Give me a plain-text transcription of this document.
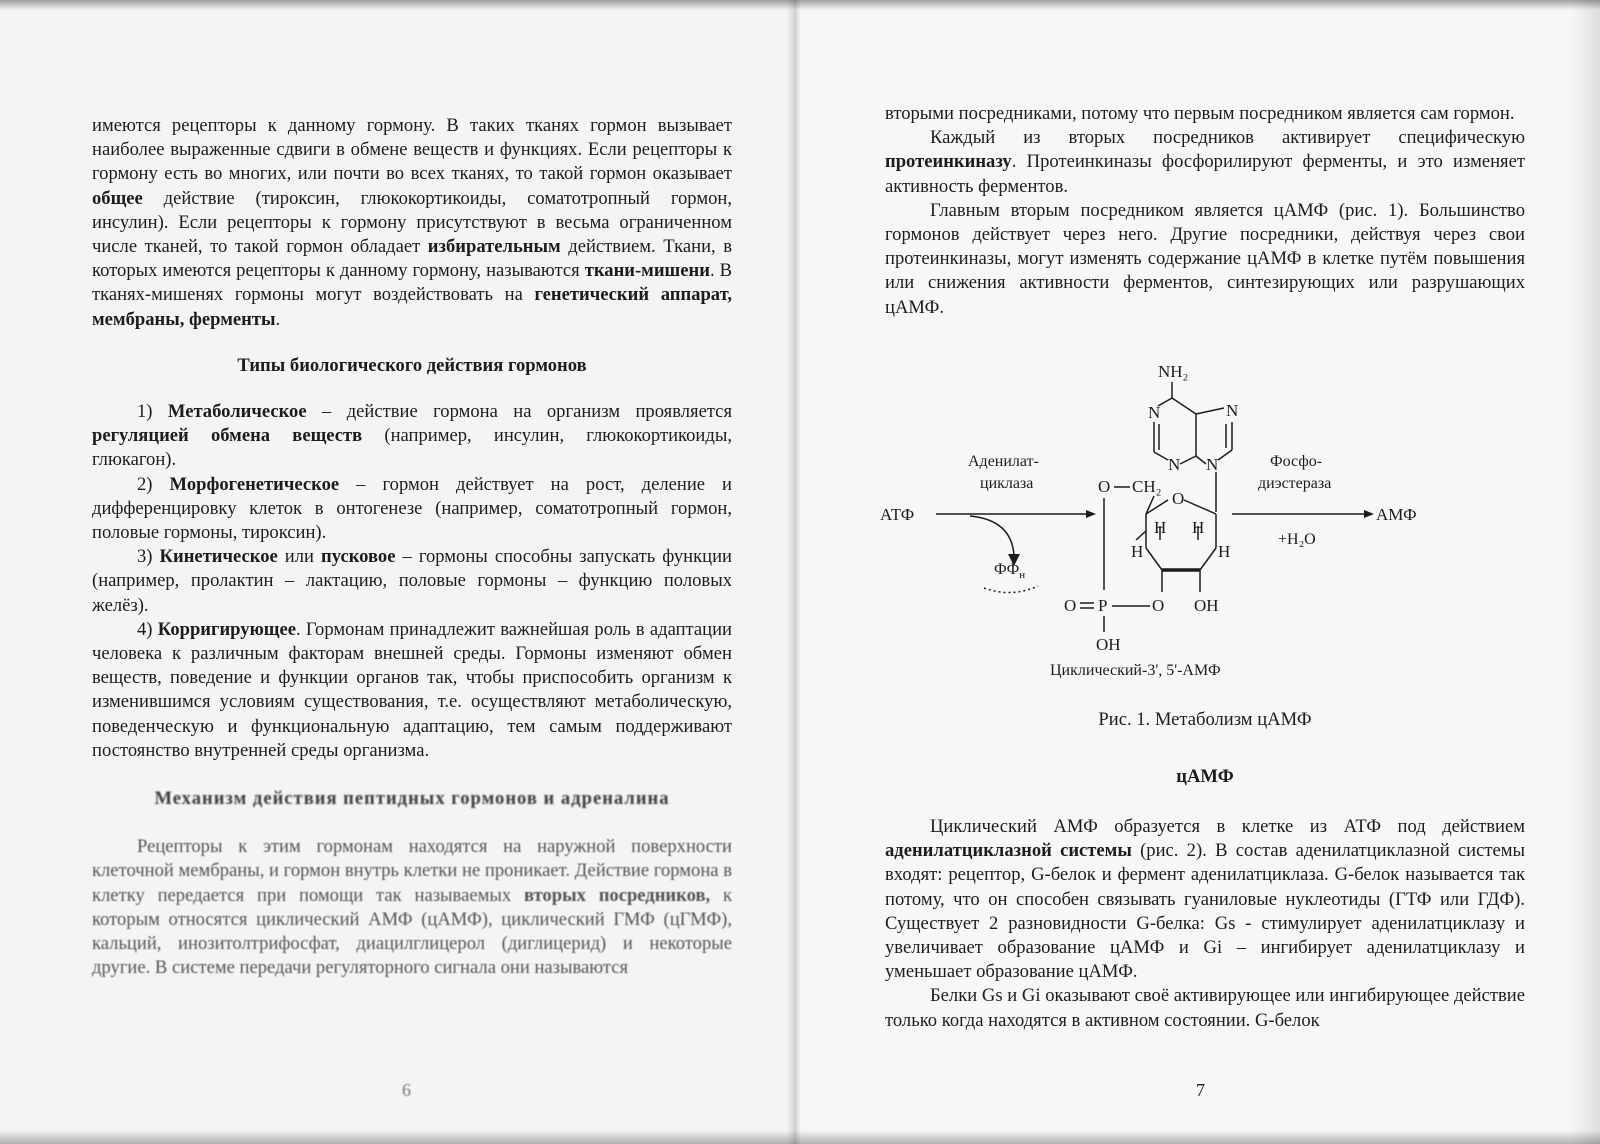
имеются рецепторы к данному гормону. В таких тканях гормон вызывает наиболее выраженные сдвиги в обмене веществ и функциях. Если рецепторы к гормону есть во многих, или почти во всех тканях, то такой гормон оказывает общее действие (тироксин, глюкокортикоиды, соматотропный гормон, инсулин). Если рецепторы к гормону присутствуют в весьма ограниченном числе тканей, то такой гормон обладает избирательным действием. Ткани, в которых имеются рецепторы к данному гормону, называются ткани-мишени. В тканях-мишенях гормоны могут воздействовать на генетический аппарат, мембраны, ферменты.

Типы биологического действия гормонов

1) Метаболическое – действие гормона на организм проявляется регуляцией обмена веществ (например, инсулин, глюкокортикоиды, глюкагон).

2) Морфогенетическое – гормон действует на рост, деление и дифференцировку клеток в онтогенезе (например, соматотропный гормон, половые гормоны, тироксин).

3) Кинетическое или пусковое – гормоны способны запускать функции (например, пролактин – лактацию, половые гормоны – функцию половых желёз).

4) Корригирующее. Гормонам принадлежит важнейшая роль в адаптации человека к различным факторам внешней среды. Гормоны изменяют обмен веществ, поведение и функции органов так, чтобы приспособить организм к изменившимся условиям существования, т.е. осуществляют метаболическую, поведенческую и функциональную адаптацию, тем самым поддерживают постоянство внутренней среды организма.

Механизм действия пептидных гормонов и адреналина

Рецепторы к этим гормонам находятся на наружной поверхности клеточной мембраны, и гормон внутрь клетки не проникает. Действие гормона в клетку передается при помощи так называемых вторых посредников, к которым относятся циклический АМФ (цАМФ), циклический ГМФ (цГМФ), кальций, инозитолтрифосфат, диацилглицерол (диглицерид) и некоторые другие. В системе передачи регуляторного сигнала они называются

6

вторыми посредниками, потому что первым посредником является сам гормон.

Каждый из вторых посредников активирует специфическую протеинкиназу. Протеинкиназы фосфорилируют ферменты, и это изменяет активность ферментов.

Главным вторым посредником является цАМФ (рис. 1). Большинство гормонов действует через него. Другие посредники, действуя через свои протеинкиназы, могут изменять содержание цАМФ в клетке путём повышения или снижения активности ферментов, синтезирующих или разрушающих цАМФ.

NH₂
N
N
N
N
O
H
H H
H
OH
O CH₂
P
O	O
OH
Аденилат-
циклаза
АТФ
$ФФ_н$
Фосфо-
диэстераза
АМФ
+H₂O
Циклический-3', 5'-АМФ
Рис. 1. Метаболизм цАМФ
цАМФ

Циклический АМФ образуется в клетке из АТФ под действием аденилатциклазной системы (рис. 2). В состав аденилатциклазной системы входят: рецептор, G-белок и фермент аденилатциклаза. G-белок называется так потому, что он способен связывать гуаниловые нуклеотиды (ГТФ или ГДФ). Существует 2 разновидности G-белка: Gs - стимулирует аденилатциклазу и увеличивает образование цАМФ и Gi – ингибирует аденилатциклазу и уменьшает образование цАМФ.

Белки Gs и Gi оказывают своё активирующее или ингибирующее действие только когда находятся в активном состоянии. G-белок

7
